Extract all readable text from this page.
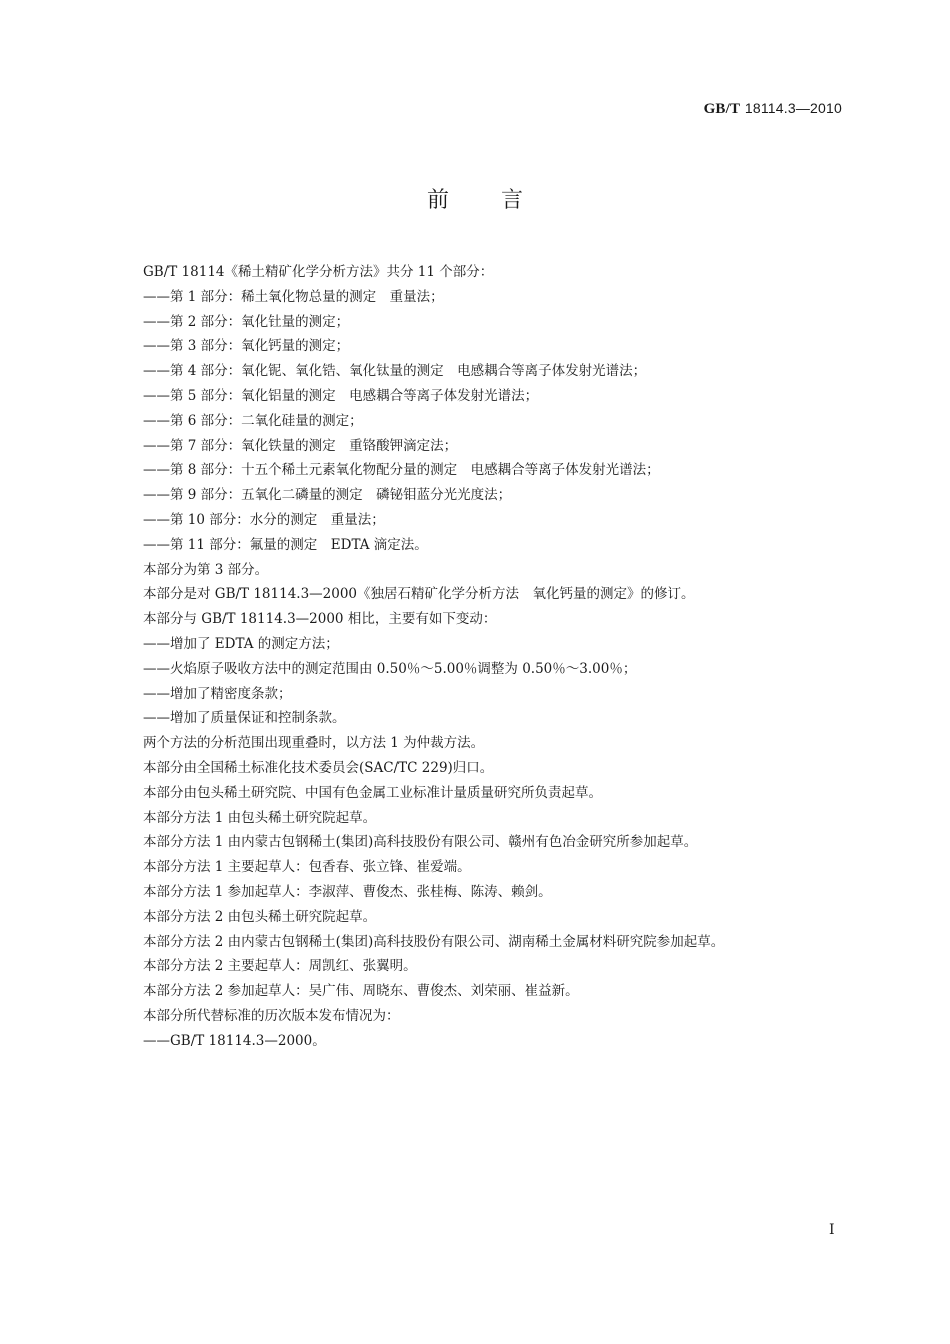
GB/T 18114.3—2010
前 言
GB/T 18114《稀土精矿化学分析方法》共分 11 个部分：
——第 1 部分：稀土氧化物总量的测定　重量法；
——第 2 部分：氧化钍量的测定；
——第 3 部分：氧化钙量的测定；
——第 4 部分：氧化铌、氧化锆、氧化钛量的测定　电感耦合等离子体发射光谱法；
——第 5 部分：氧化铝量的测定　电感耦合等离子体发射光谱法；
——第 6 部分：二氧化硅量的测定；
——第 7 部分：氧化铁量的测定　重铬酸钾滴定法；
——第 8 部分：十五个稀土元素氧化物配分量的测定　电感耦合等离子体发射光谱法；
——第 9 部分：五氧化二磷量的测定　磷铋钼蓝分光光度法；
——第 10 部分：水分的测定　重量法；
——第 11 部分：氟量的测定　EDTA 滴定法。
本部分为第 3 部分。
本部分是对 GB/T 18114.3—2000《独居石精矿化学分析方法　氧化钙量的测定》的修订。
本部分与 GB/T 18114.3—2000 相比，主要有如下变动：
——增加了 EDTA 的测定方法；
——火焰原子吸收方法中的测定范围由 0.50％～5.00％调整为 0.50％～3.00％；
——增加了精密度条款；
——增加了质量保证和控制条款。
两个方法的分析范围出现重叠时，以方法 1 为仲裁方法。
本部分由全国稀土标准化技术委员会(SAC/TC 229)归口。
本部分由包头稀土研究院、中国有色金属工业标准计量质量研究所负责起草。
本部分方法 1 由包头稀土研究院起草。
本部分方法 1 由内蒙古包钢稀土(集团)高科技股份有限公司、赣州有色冶金研究所参加起草。
本部分方法 1 主要起草人：包香春、张立锋、崔爱端。
本部分方法 1 参加起草人：李淑萍、曹俊杰、张桂梅、陈涛、赖剑。
本部分方法 2 由包头稀土研究院起草。
本部分方法 2 由内蒙古包钢稀土(集团)高科技股份有限公司、湖南稀土金属材料研究院参加起草。
本部分方法 2 主要起草人：周凯红、张翼明。
本部分方法 2 参加起草人：吴广伟、周晓东、曹俊杰、刘荣丽、崔益新。
本部分所代替标准的历次版本发布情况为：
——GB/T 18114.3—2000。
I
